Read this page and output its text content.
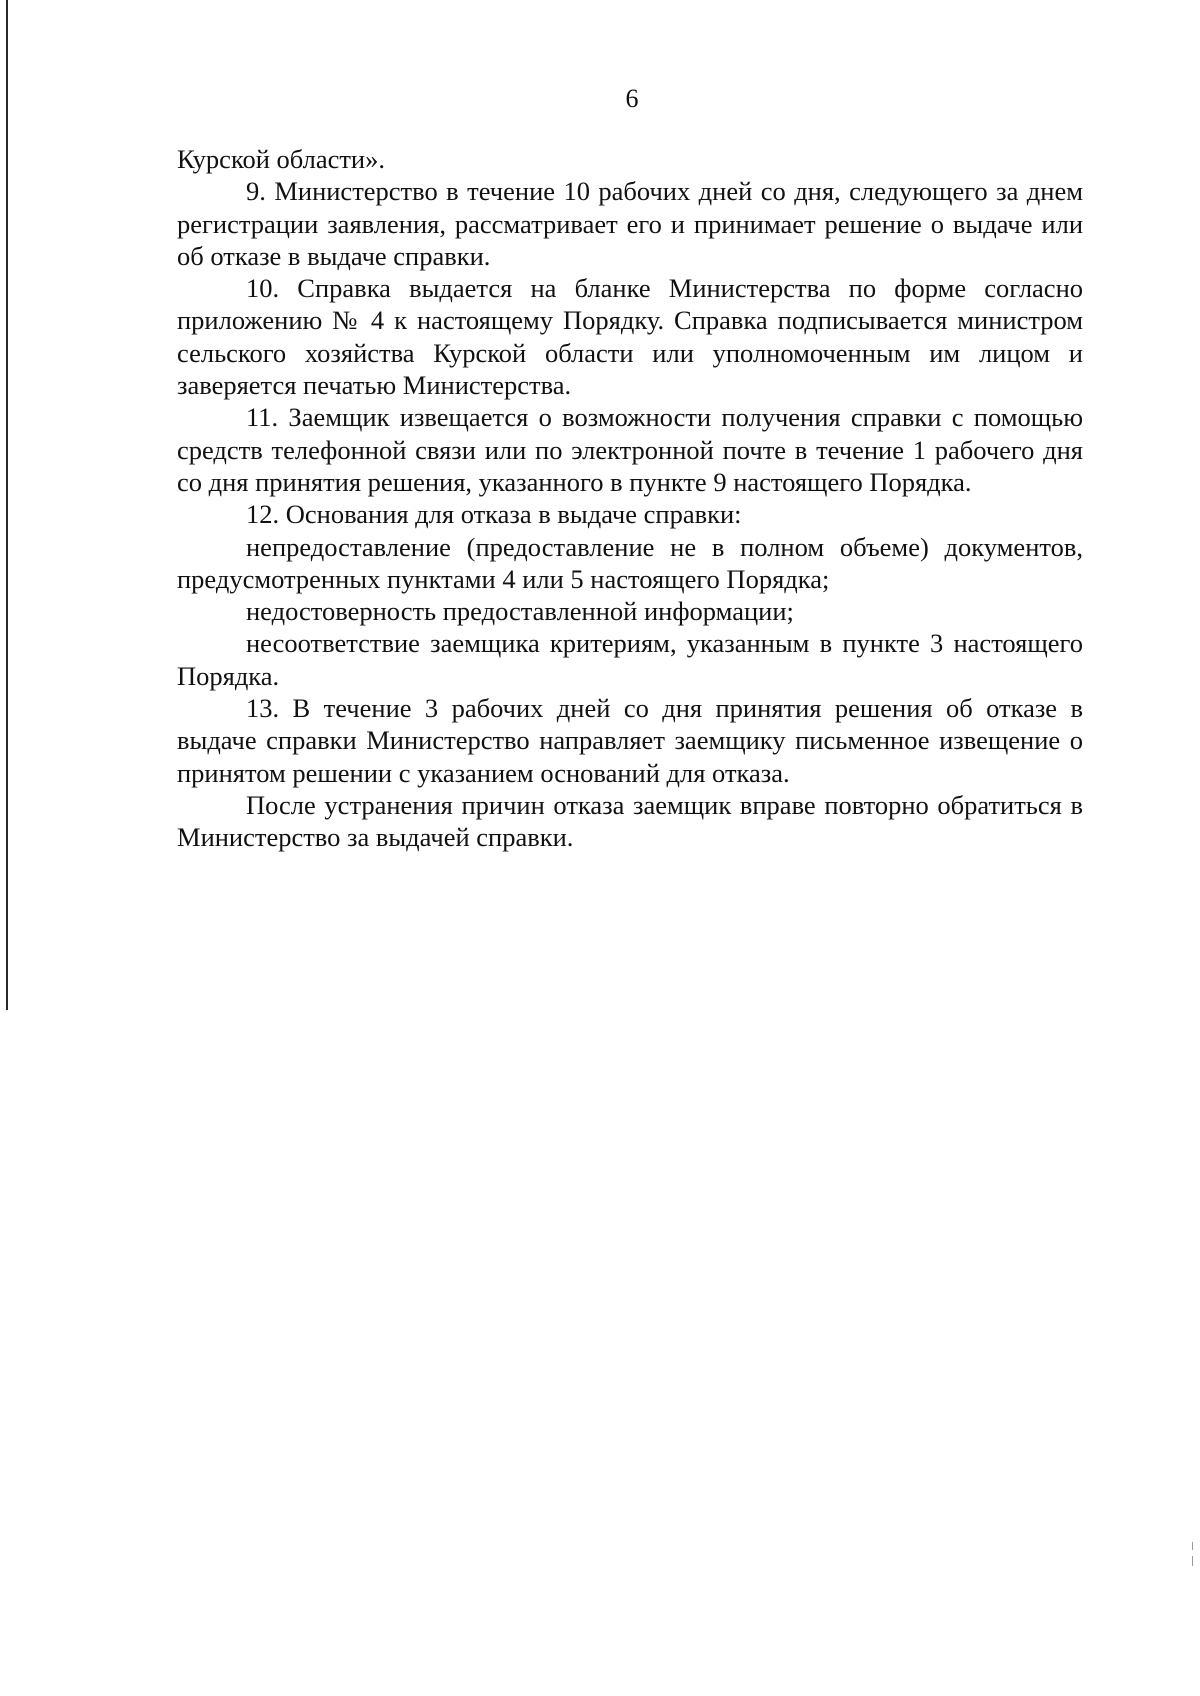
6

Курской области».

9. Министерство в течение 10 рабочих дней со дня, следующего за днем регистрации заявления, рассматривает его и принимает решение о выдаче или об отказе в выдаче справки.

10. Справка выдается на бланке Министерства по форме согласно приложению № 4 к настоящему Порядку. Справка подписывается министром сельского хозяйства Курской области или уполномоченным им лицом и заверяется печатью Министерства.

11. Заемщик извещается о возможности получения справки с помощью средств телефонной связи или по электронной почте в течение 1 рабочего дня со дня принятия решения, указанного в пункте 9 настоящего Порядка.

12. Основания для отказа в выдаче справки:

непредоставление (предоставление не в полном объеме) документов, предусмотренных пунктами 4 или 5 настоящего Порядка;

недостоверность предоставленной информации;

несоответствие заемщика критериям, указанным в пункте 3 настоящего Порядка.

13. В течение 3 рабочих дней со дня принятия решения об отказе в выдаче справки Министерство направляет заемщику письменное извещение о принятом решении с указанием оснований для отказа.

После устранения причин отказа заемщик вправе повторно обратиться в Министерство за выдачей справки.
